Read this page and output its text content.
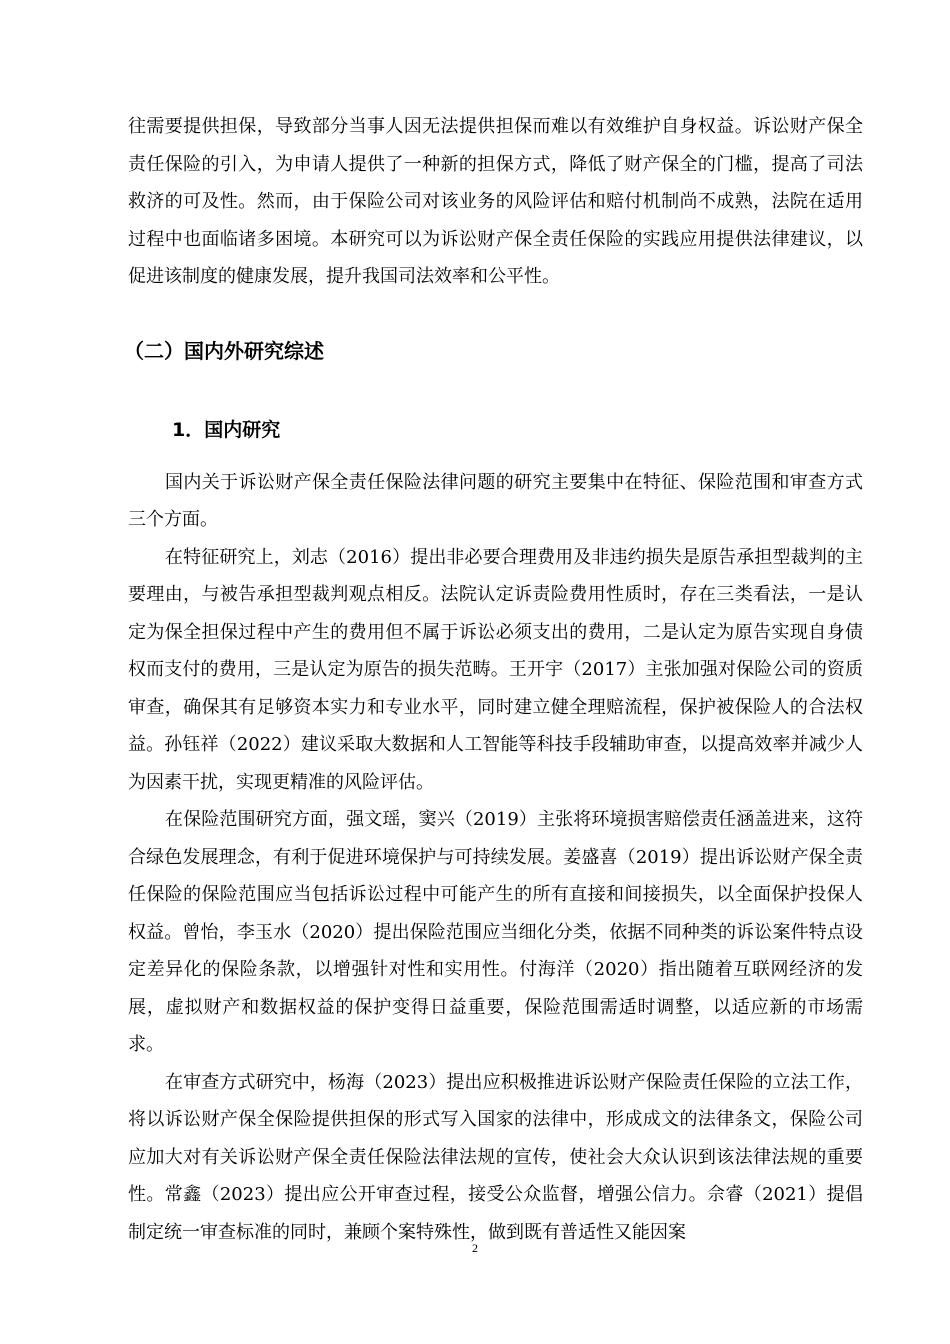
往需要提供担保，导致部分当事人因无法提供担保而难以有效维护自身权益。诉讼财产保全责任保险的引入，为申请人提供了一种新的担保方式，降低了财产保全的门槛，提高了司法救济的可及性。然而，由于保险公司对该业务的风险评估和赔付机制尚不成熟，法院在适用过程中也面临诸多困境。本研究可以为诉讼财产保全责任保险的实践应用提供法律建议，以促进该制度的健康发展，提升我国司法效率和公平性。

（二）国内外研究综述
1．国内研究

国内关于诉讼财产保全责任保险法律问题的研究主要集中在特征、保险范围和审查方式三个方面。

在特征研究上，刘志（2016）提出非必要合理费用及非违约损失是原告承担型裁判的主要理由，与被告承担型裁判观点相反。法院认定诉责险费用性质时，存在三类看法，一是认定为保全担保过程中产生的费用但不属于诉讼必须支出的费用，二是认定为原告实现自身债权而支付的费用，三是认定为原告的损失范畴。王开宇（2017）主张加强对保险公司的资质审查，确保其有足够资本实力和专业水平，同时建立健全理赔流程，保护被保险人的合法权益。孙钰祥（2022）建议采取大数据和人工智能等科技手段辅助审查，以提高效率并减少人为因素干扰，实现更精准的风险评估。

在保险范围研究方面，强文瑶，窦兴（2019）主张将环境损害赔偿责任涵盖进来，这符合绿色发展理念，有利于促进环境保护与可持续发展。姜盛喜（2019）提出诉讼财产保全责任保险的保险范围应当包括诉讼过程中可能产生的所有直接和间接损失，以全面保护投保人权益。曾怡，李玉水（2020）提出保险范围应当细化分类，依据不同种类的诉讼案件特点设定差异化的保险条款，以增强针对性和实用性。付海洋（2020）指出随着互联网经济的发展，虚拟财产和数据权益的保护变得日益重要，保险范围需适时调整，以适应新的市场需求。

在审查方式研究中，杨海（2023）提出应积极推进诉讼财产保险责任保险的立法工作，将以诉讼财产保全保险提供担保的形式写入国家的法律中，形成成文的法律条文，保险公司应加大对有关诉讼财产保全责任保险法律法规的宣传，使社会大众认识到该法律法规的重要性。常鑫（2023）提出应公开审查过程，接受公众监督，增强公信力。佘睿（2021）提倡制定统一审查标准的同时，兼顾个案特殊性，做到既有普适性又能因案

2
